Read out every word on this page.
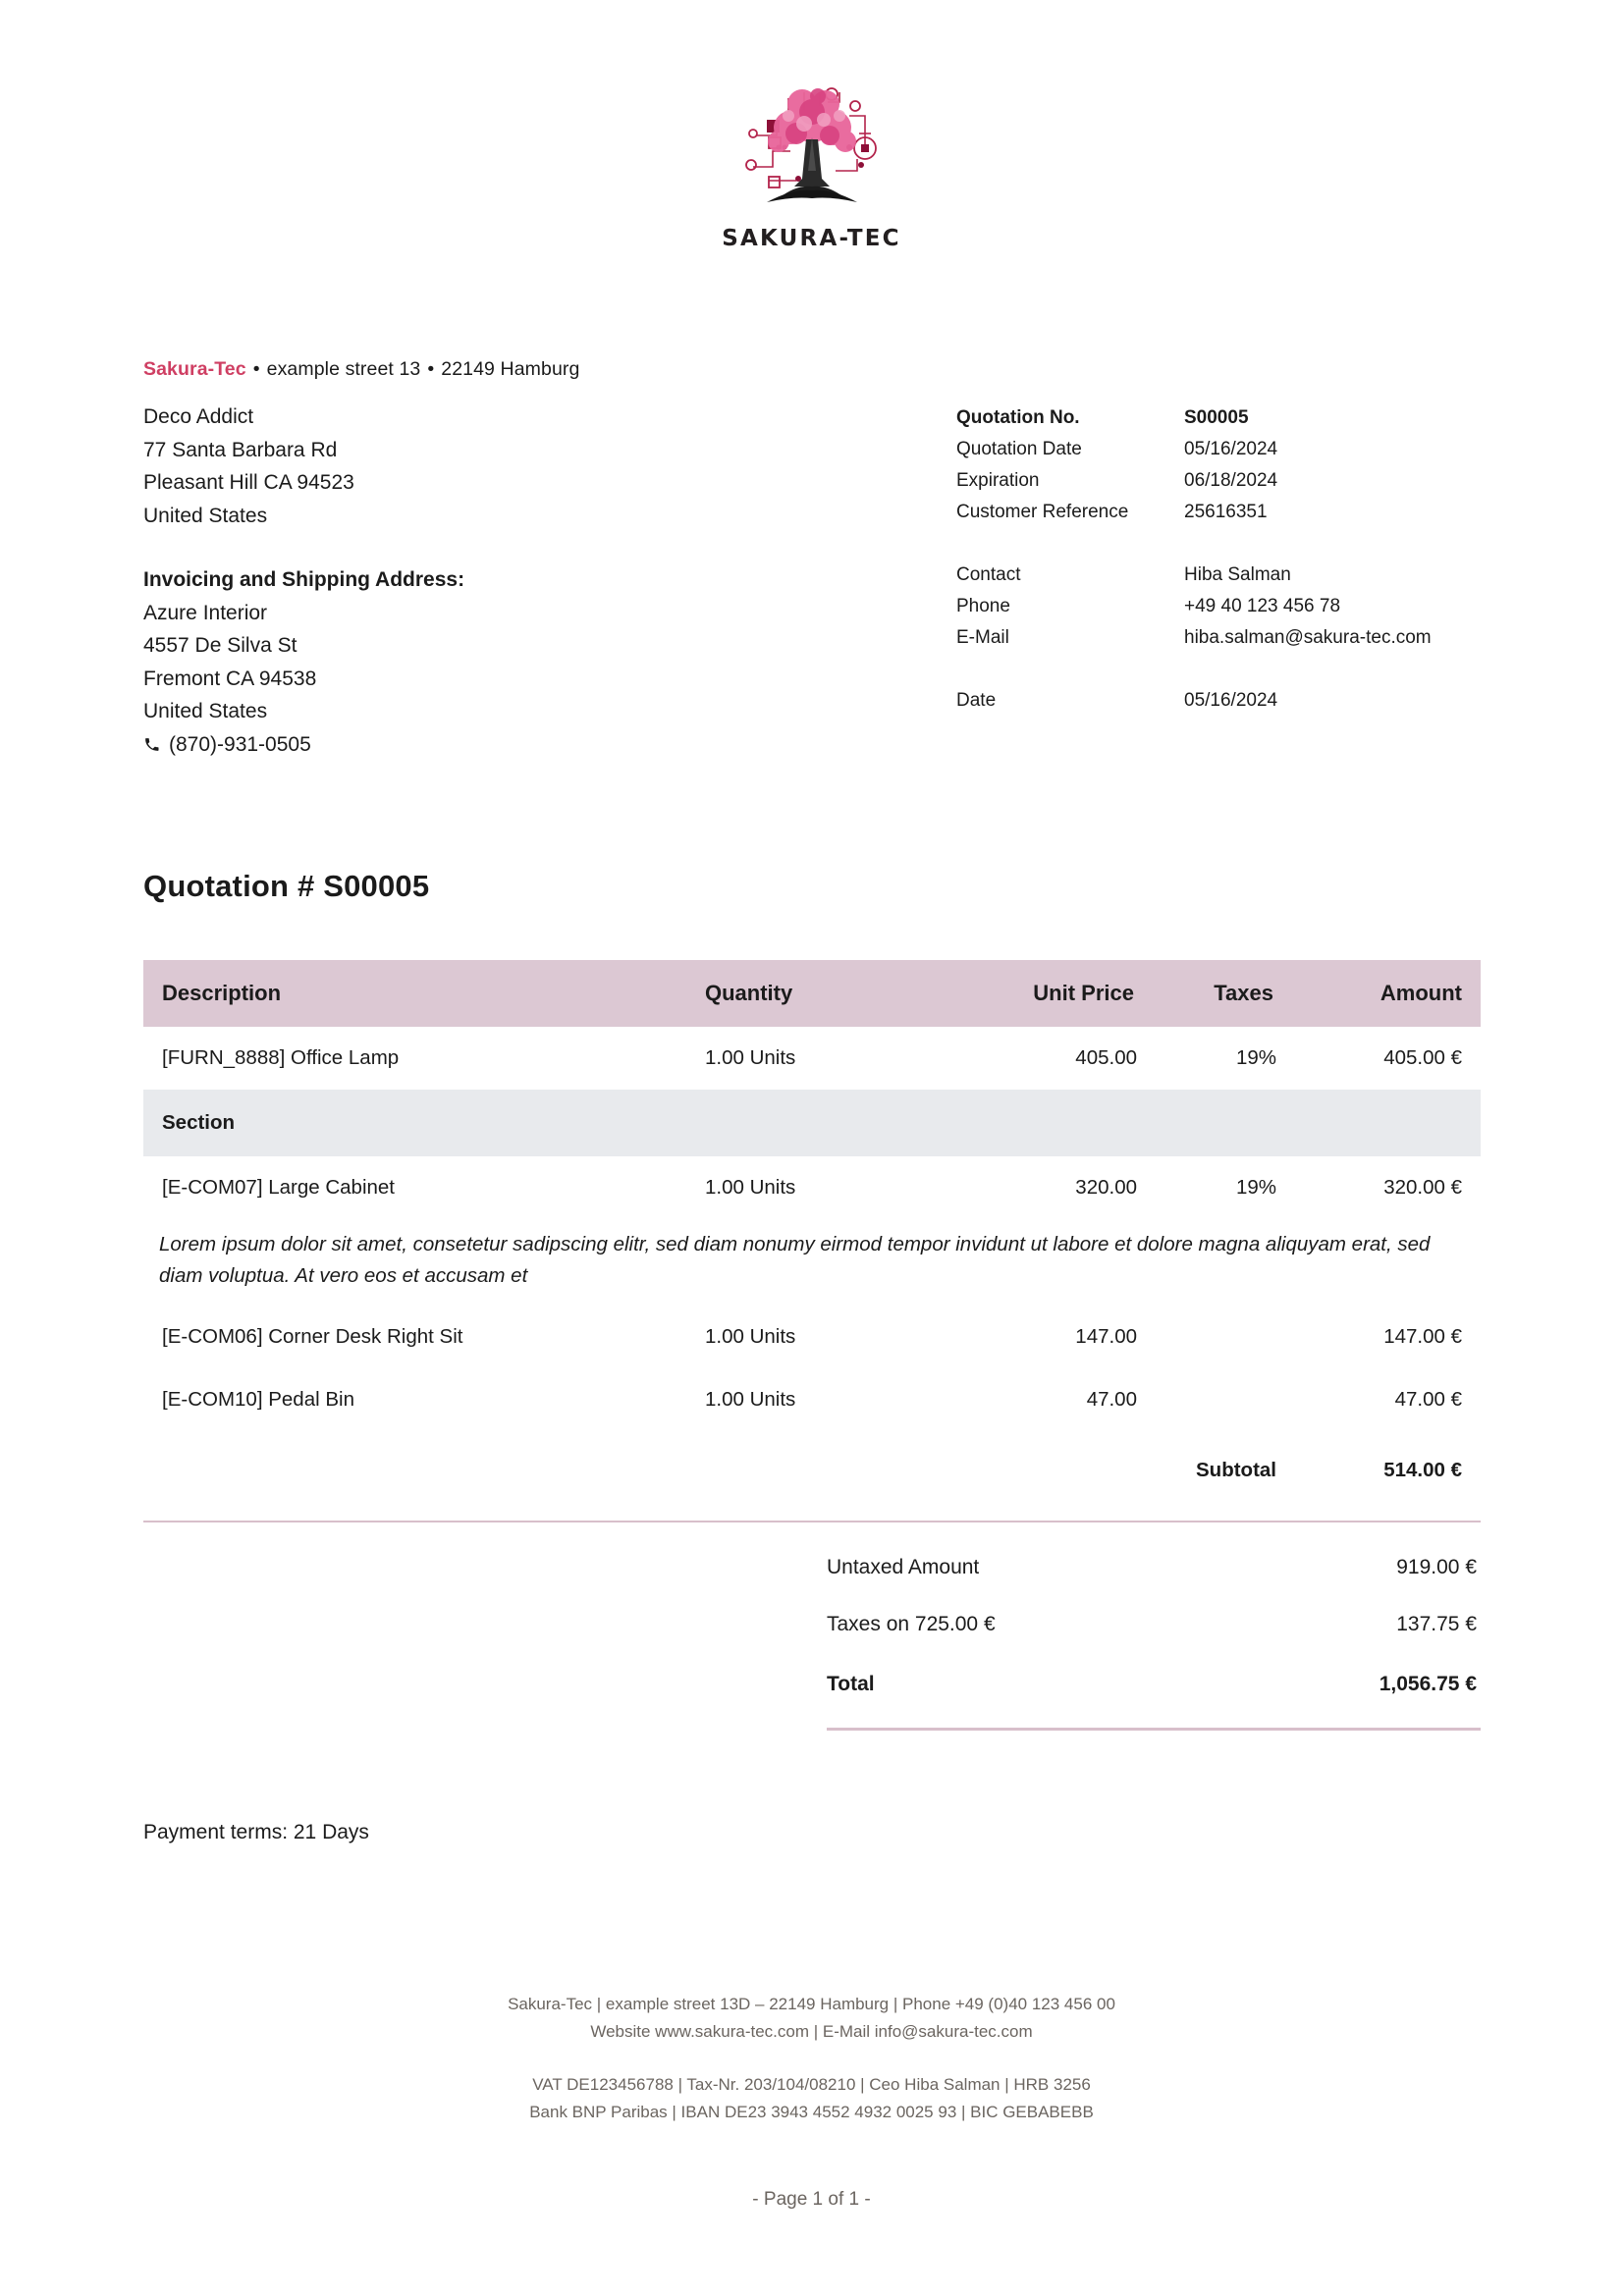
SAKURA-TEC
Sakura-Tec • example street 13 • 22149 Hamburg
Deco Addict
77 Santa Barbara Rd
Pleasant Hill CA 94523
United States
Invoicing and Shipping Address:
Azure Interior
4557 De Silva St
Fremont CA 94538
United States
(870)-931-0505
Quotation No.	S00005
Quotation Date	05/16/2024
Expiration	06/18/2024
Customer Reference	25616351

Contact	Hiba Salman
Phone	+49 40 123 456 78
E-Mail	hiba.salman@sakura-tec.com

Date	05/16/2024
Quotation # S00005
Description	Quantity	Unit Price	Taxes	Amount
[FURN_8888] Office Lamp	1.00 Units	405.00	19%	405.00 €
Section				
[E-COM07] Large Cabinet	1.00 Units	320.00	19%	320.00 €
Lorem ipsum dolor sit amet, consetetur sadipscing elitr, sed diam nonumy eirmod tempor invidunt ut labore et dolore magna aliquyam erat, sed diam voluptua. At vero eos et accusam et				
[E-COM06] Corner Desk Right Sit	1.00 Units	147.00		147.00 €
[E-COM10] Pedal Bin	1.00 Units	47.00		47.00 €
			Subtotal	514.00 €
Untaxed Amount	919.00 €
Taxes on 725.00 €	137.75 €
Total	1,056.75 €
Payment terms: 21 Days
Sakura-Tec | example street 13D – 22149 Hamburg | Phone +49 (0)40 123 456 00
Website www.sakura-tec.com | E-Mail info@sakura-tec.com
VAT DE123456788 | Tax-Nr. 203/104/08210 | Ceo Hiba Salman | HRB 3256
Bank BNP Paribas | IBAN DE23 3943 4552 4932 0025 93 | BIC GEBABEBB
- Page 1 of 1 -
